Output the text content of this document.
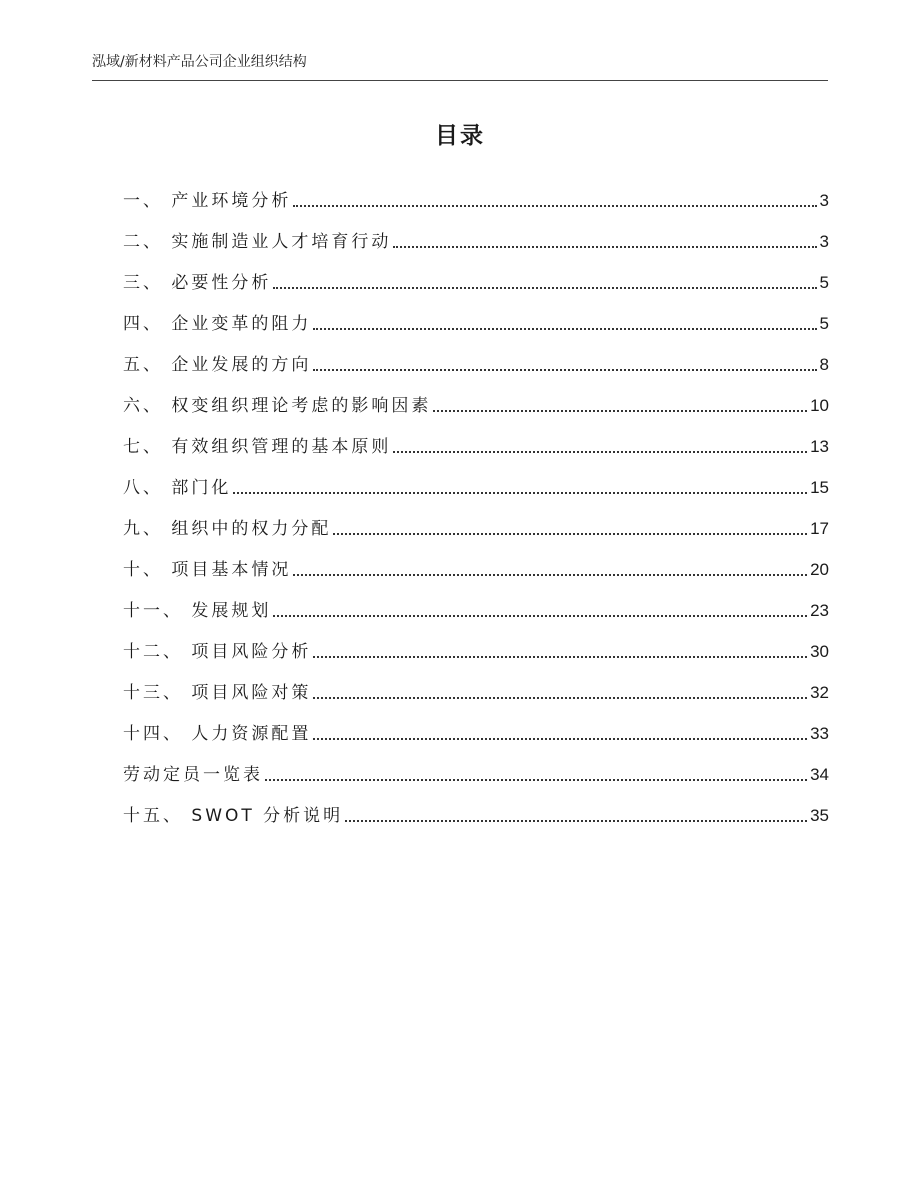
泓域/新材料产品公司企业组织结构
目录
一、 产业环境分析	3
二、 实施制造业人才培育行动	3
三、 必要性分析	5
四、 企业变革的阻力	5
五、 企业发展的方向	8
六、 权变组织理论考虑的影响因素	10
七、 有效组织管理的基本原则	13
八、 部门化	15
九、 组织中的权力分配	17
十、 项目基本情况	20
十一、 发展规划	23
十二、 项目风险分析	30
十三、 项目风险对策	32
十四、 人力资源配置	33
劳动定员一览表	34
十五、 SWOT 分析说明	35
